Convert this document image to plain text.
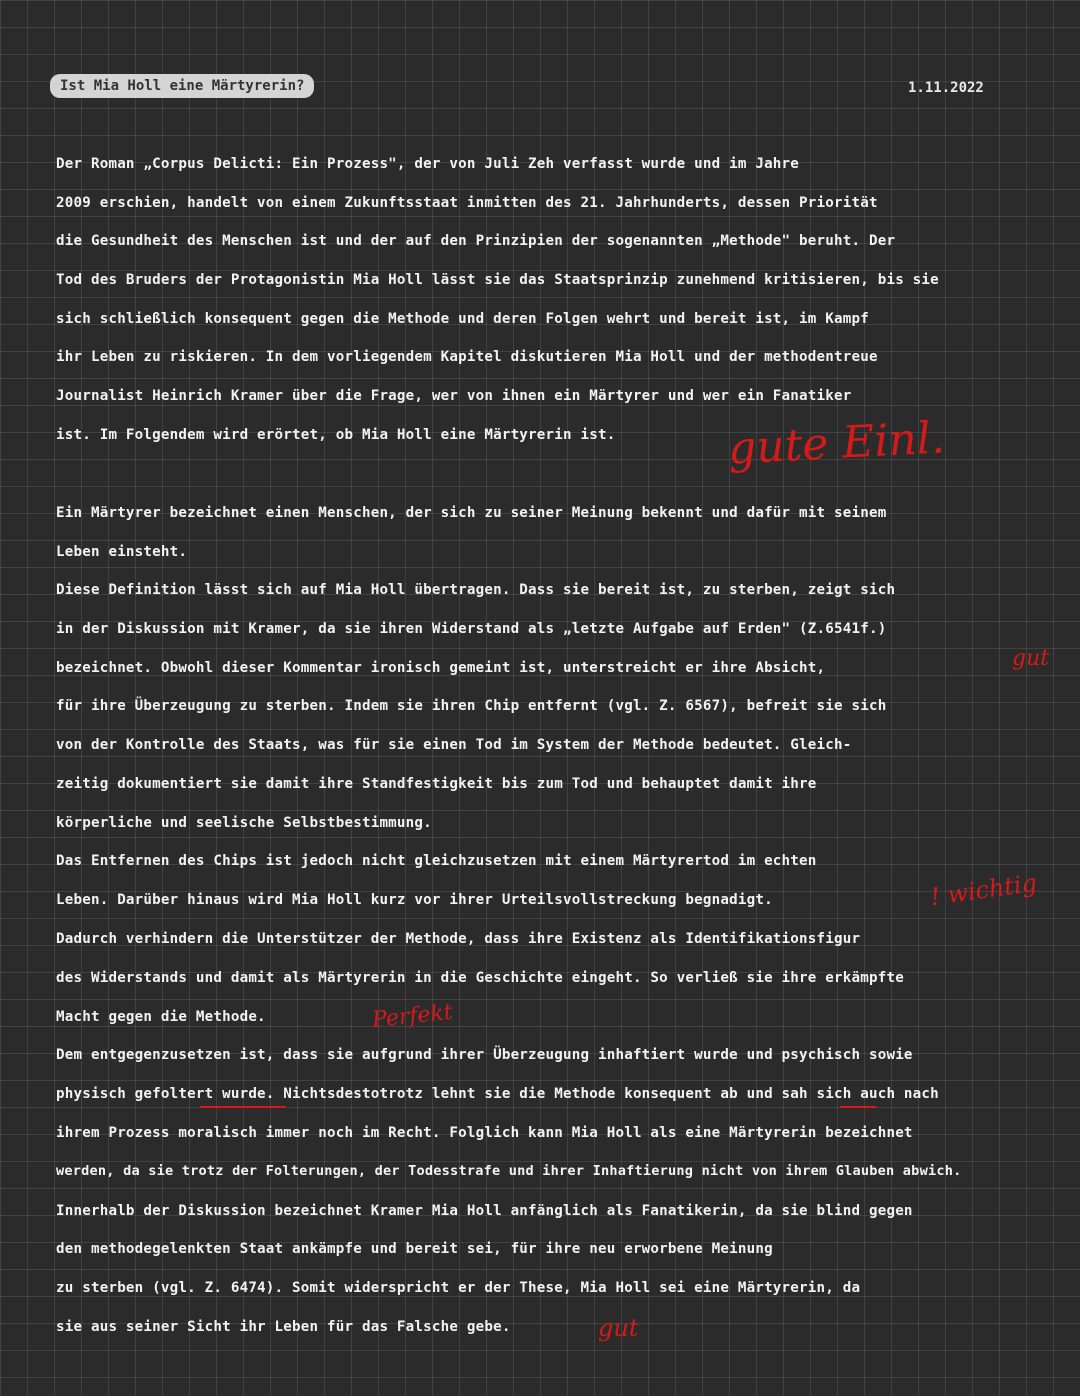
Ist Mia Holl eine Märtyrerin?	1.11.2022
Der Roman „Corpus Delicti: Ein Prozess", der von Juli Zeh verfasst wurde und im Jahre
2009 erschien, handelt von einem Zukunftsstaat inmitten des 21. Jahrhunderts, dessen Priorität
die Gesundheit des Menschen ist und der auf den Prinzipien der sogenannten „Methode" beruht. Der
Tod des Bruders der Protagonistin Mia Holl lässt sie das Staatsprinzip zunehmend kritisieren, bis sie
sich schließlich konsequent gegen die Methode und deren Folgen wehrt und bereit ist, im Kampf
ihr Leben zu riskieren. In dem vorliegendem Kapitel diskutieren Mia Holl und der methodentreue
Journalist Heinrich Kramer über die Frage, wer von ihnen ein Märtyrer und wer ein Fanatiker
ist. Im Folgendem wird erörtet, ob Mia Holl eine Märtyrerin ist.
Ein Märtyrer bezeichnet einen Menschen, der sich zu seiner Meinung bekennt und dafür mit seinem
Leben einsteht.
Diese Definition lässt sich auf Mia Holl übertragen. Dass sie bereit ist, zu sterben, zeigt sich
in der Diskussion mit Kramer, da sie ihren Widerstand als „letzte Aufgabe auf Erden" (Z.6541f.)
bezeichnet. Obwohl dieser Kommentar ironisch gemeint ist, unterstreicht er ihre Absicht,
für ihre Überzeugung zu sterben. Indem sie ihren Chip entfernt (vgl. Z. 6567), befreit sie sich
von der Kontrolle des Staats, was für sie einen Tod im System der Methode bedeutet. Gleich-
zeitig dokumentiert sie damit ihre Standfestigkeit bis zum Tod und behauptet damit ihre
körperliche und seelische Selbstbestimmung.
Das Entfernen des Chips ist jedoch nicht gleichzusetzen mit einem Märtyrertod im echten
Leben. Darüber hinaus wird Mia Holl kurz vor ihrer Urteilsvollstreckung begnadigt.
Dadurch verhindern die Unterstützer der Methode, dass ihre Existenz als Identifikationsfigur
des Widerstands und damit als Märtyrerin in die Geschichte eingeht. So verließ sie ihre erkämpfte
Macht gegen die Methode.
Dem entgegenzusetzen ist, dass sie aufgrund ihrer Überzeugung inhaftiert wurde und psychisch sowie
physisch gefoltert wurde. Nichtsdestotrotz lehnt sie die Methode konsequent ab und sah sich auch nach
ihrem Prozess moralisch immer noch im Recht. Folglich kann Mia Holl als eine Märtyrerin bezeichnet
werden, da sie trotz der Folterungen, der Todesstrafe und ihrer Inhaftierung nicht von ihrem Glauben abwich.
Innerhalb der Diskussion bezeichnet Kramer Mia Holl anfänglich als Fanatikerin, da sie blind gegen
den methodegelenkten Staat ankämpfe und bereit sei, für ihre neu erworbene Meinung
zu sterben (vgl. Z. 6474). Somit widerspricht er der These, Mia Holl sei eine Märtyrerin, da
sie aus seiner Sicht ihr Leben für das Falsche gebe.
gute Einl.
gut
! wichtig
Perfekt
gut
